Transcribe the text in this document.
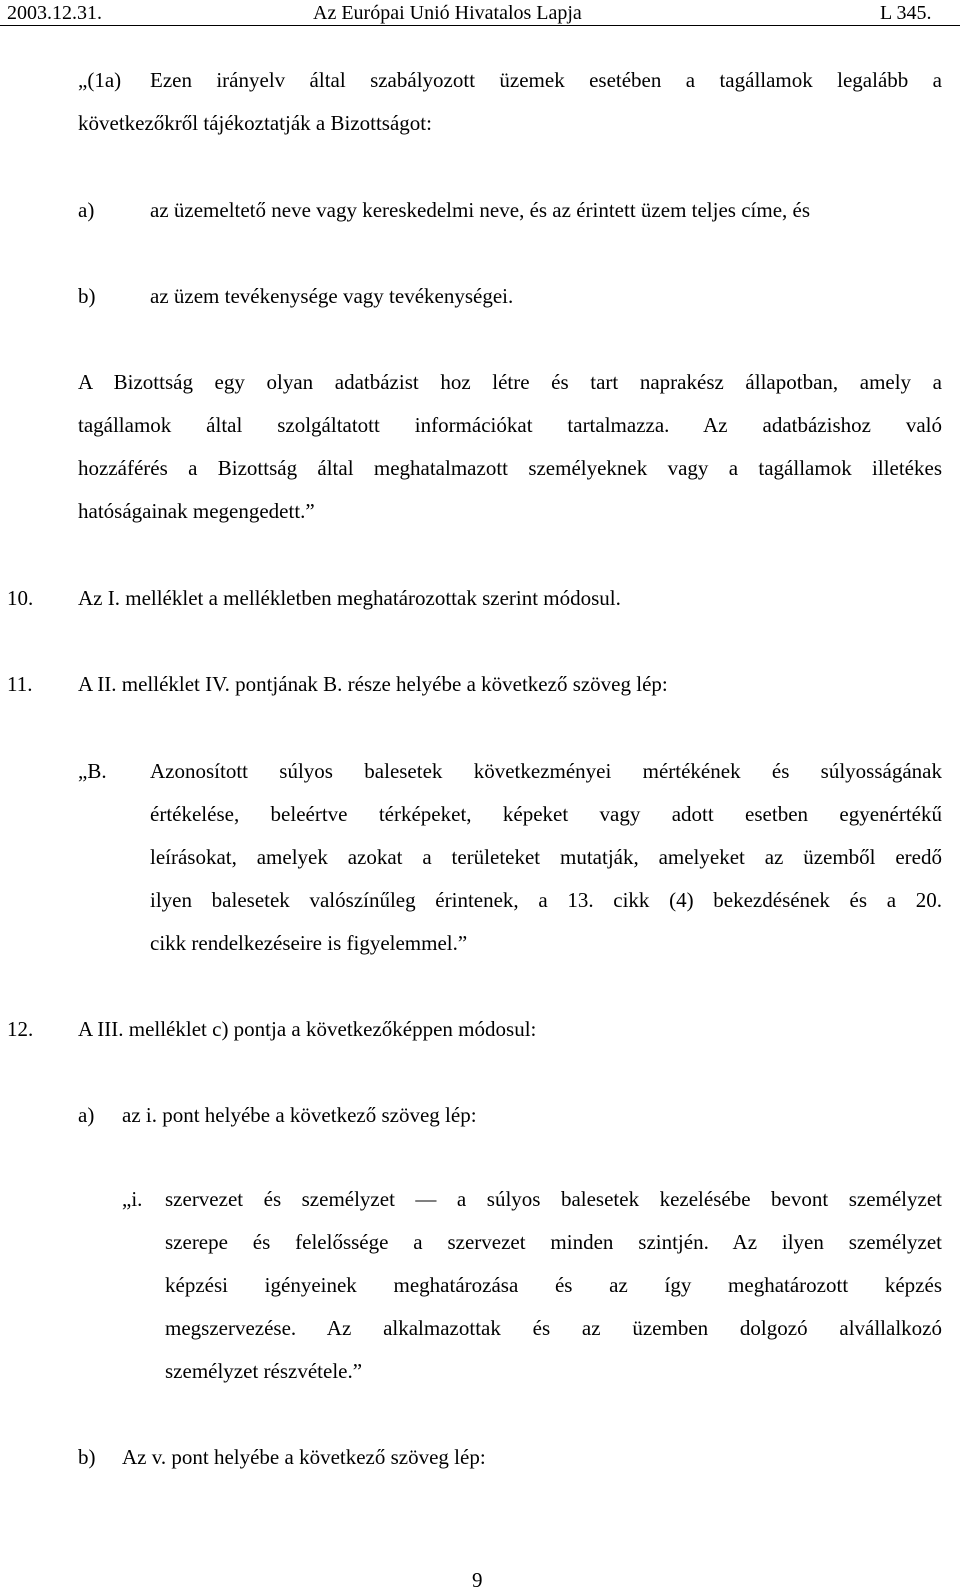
2003.12.31.	Az Európai Unió Hivatalos Lapja	L 345.
„(1a) Ezen irányelv által szabályozott üzemek esetében a tagállamok legalább a
következőkről tájékoztatják a Bizottságot:
a)	az üzemeltető neve vagy kereskedelmi neve, és az érintett üzem teljes címe, és
b)	az üzem tevékenysége vagy tevékenységei.
A Bizottság egy olyan adatbázist hoz létre és tart naprakész állapotban, amely a
tagállamok által szolgáltatott információkat tartalmazza. Az adatbázishoz való
hozzáférés a Bizottság által meghatalmazott személyeknek vagy a tagállamok illetékes
hatóságainak megengedett.”
10. Az I. melléklet a mellékletben meghatározottak szerint módosul.
11. A II. melléklet IV. pontjának B. része helyébe a következő szöveg lép:
„B. Azonosított súlyos balesetek következményei mértékének és súlyosságának
értékelése, beleértve térképeket, képeket vagy adott esetben egyenértékű
leírásokat, amelyek azokat a területeket mutatják, amelyeket az üzemből eredő
ilyen balesetek valószínűleg érintenek, a 13. cikk (4) bekezdésének és a 20.
cikk rendelkezéseire is figyelemmel.”
12. A III. melléklet c) pontja a következőképpen módosul:
a) az i. pont helyébe a következő szöveg lép:
„i. szervezet és személyzet — a súlyos balesetek kezelésébe bevont személyzet
szerepe és felelőssége a szervezet minden szintjén. Az ilyen személyzet
képzési igényeinek meghatározása és az így meghatározott képzés
megszervezése. Az alkalmazottak és az üzemben dolgozó alvállalkozó
személyzet részvétele.”
b) Az v. pont helyébe a következő szöveg lép:
9
